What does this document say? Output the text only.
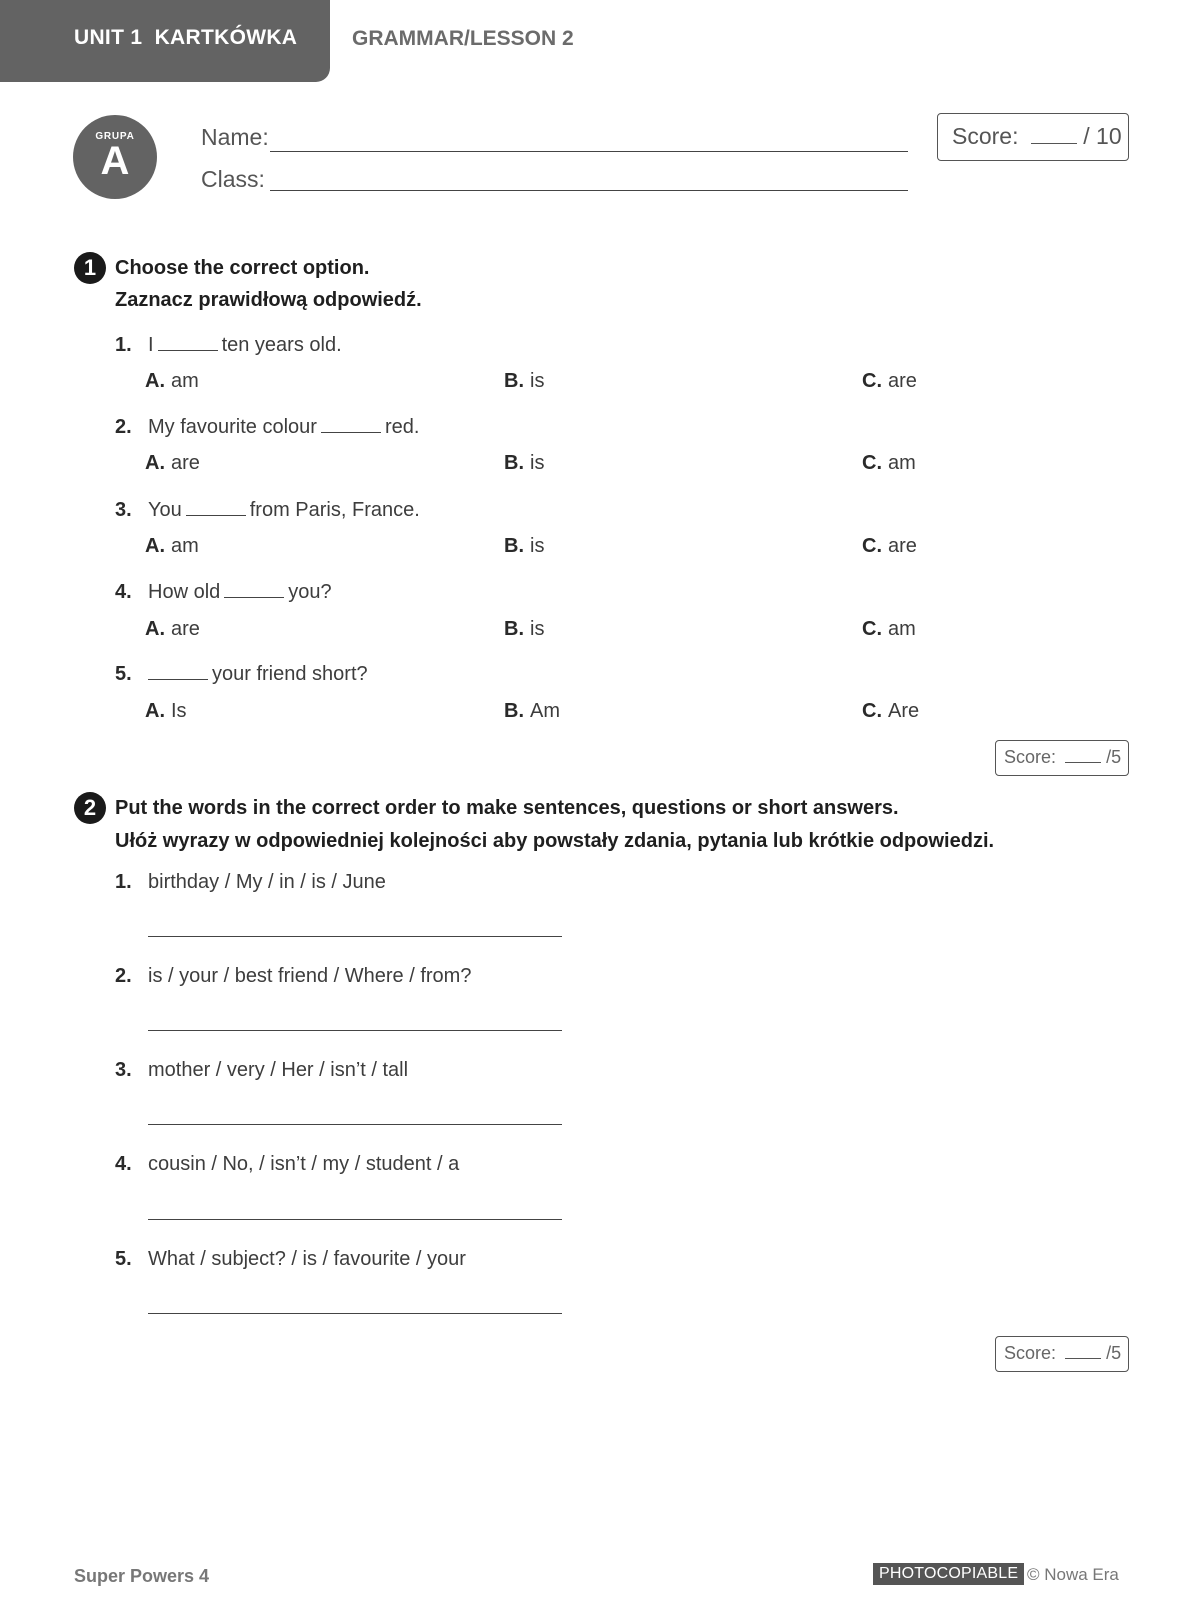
UNIT 1  KARTKÓWKA	GRAMMAR/LESSON 2
GRUPA
A
Name:
Class:
Score:	/ 10
1 Choose the correct option.
Zaznacz prawidłową odpowiedź.
1. I	ten years old.
A. am	B. is	C. are
2. My favourite colour	red.
A. are	B. is	C. am
3. You	from Paris, France.
A. am	B. is	C. are
4. How old	you?
A. are	B. is	C. am
5.	your friend short?
A. Is	B. Am	C. Are
Score:	/5
2 Put the words in the correct order to make sentences, questions or short answers.
Ułóż wyrazy w odpowiedniej kolejności aby powstały zdania, pytania lub krótkie odpowiedzi.
1. birthday / My / in / is / June
2. is / your / best friend / Where / from?
3. mother / very / Her / isn’t / tall
4. cousin / No, / isn’t / my / student / a
5. What / subject? / is / favourite / your
Score:	/5
Super Powers 4	PHOTOCOPIABLE © Nowa Era
